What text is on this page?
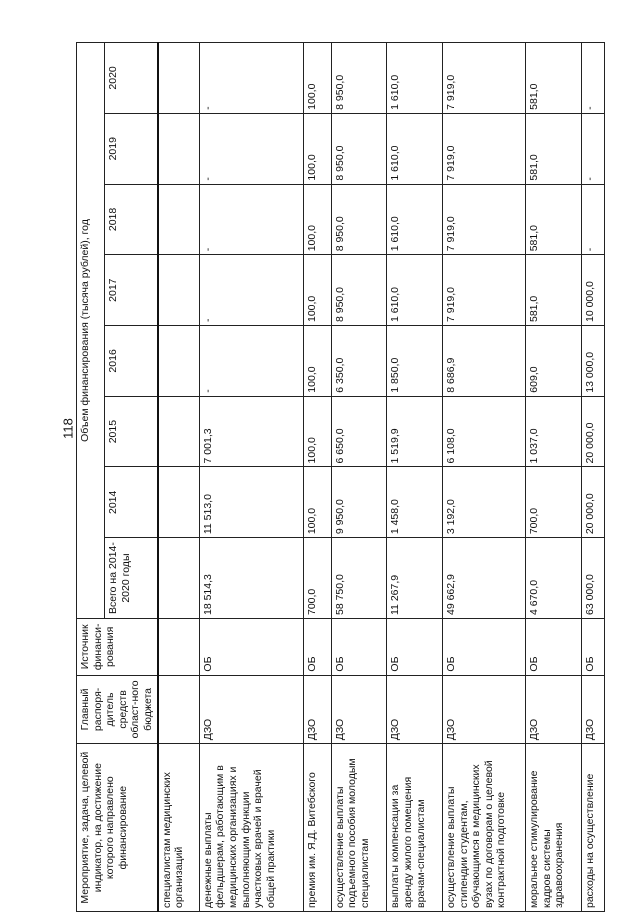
118
Мероприятие, задача, целевой индикатор, на достижение которого направлено финансирование	Главный распоря-дитель средств област-ного бюджета	Источник финанси-рования	Объем финансирования (тысяча рублей), год							
			Всего на 2014-2020 годы	2014	2015	2016	2017	2018	2019	2020
специалистам медицинских организаций										
денежные выплаты фельдшерам, работающим в медицинских организациях и выполняющим функции участковых врачей и врачей общей практики	ДЗО	ОБ	18 514,3	11 513,0	7 001,3	-	-	-	-	-
премия им. Я.Д. Витебского	ДЗО	ОБ	700,0	100,0	100,0	100,0	100,0	100,0	100,0	100,0
осуществление выплаты подъемного пособия молодым специалистам	ДЗО	ОБ	58 750,0	9 950,0	6 650,0	6 350,0	8 950,0	8 950,0	8 950,0	8 950,0
выплаты компенсации за аренду жилого помещения врачам-специалистам	ДЗО	ОБ	11 267,9	1 458,0	1 519,9	1 850,0	1 610,0	1 610,0	1 610,0	1 610,0
осуществление выплаты стипендии студентам, обучающимся в медицинских вузах по договорам о целевой контрактной подготовке	ДЗО	ОБ	49 662,9	3 192,0	6 108,0	8 686,9	7 919,0	7 919,0	7 919,0	7 919,0
моральное стимулирование кадров системы здравоохранения	ДЗО	ОБ	4 670,0	700,0	1 037,0	609,0	581,0	581,0	581,0	581,0
расходы на осуществление	ДЗО	ОБ	63 000,0	20 000,0	20 000,0	13 000,0	10 000,0	-	-	-
